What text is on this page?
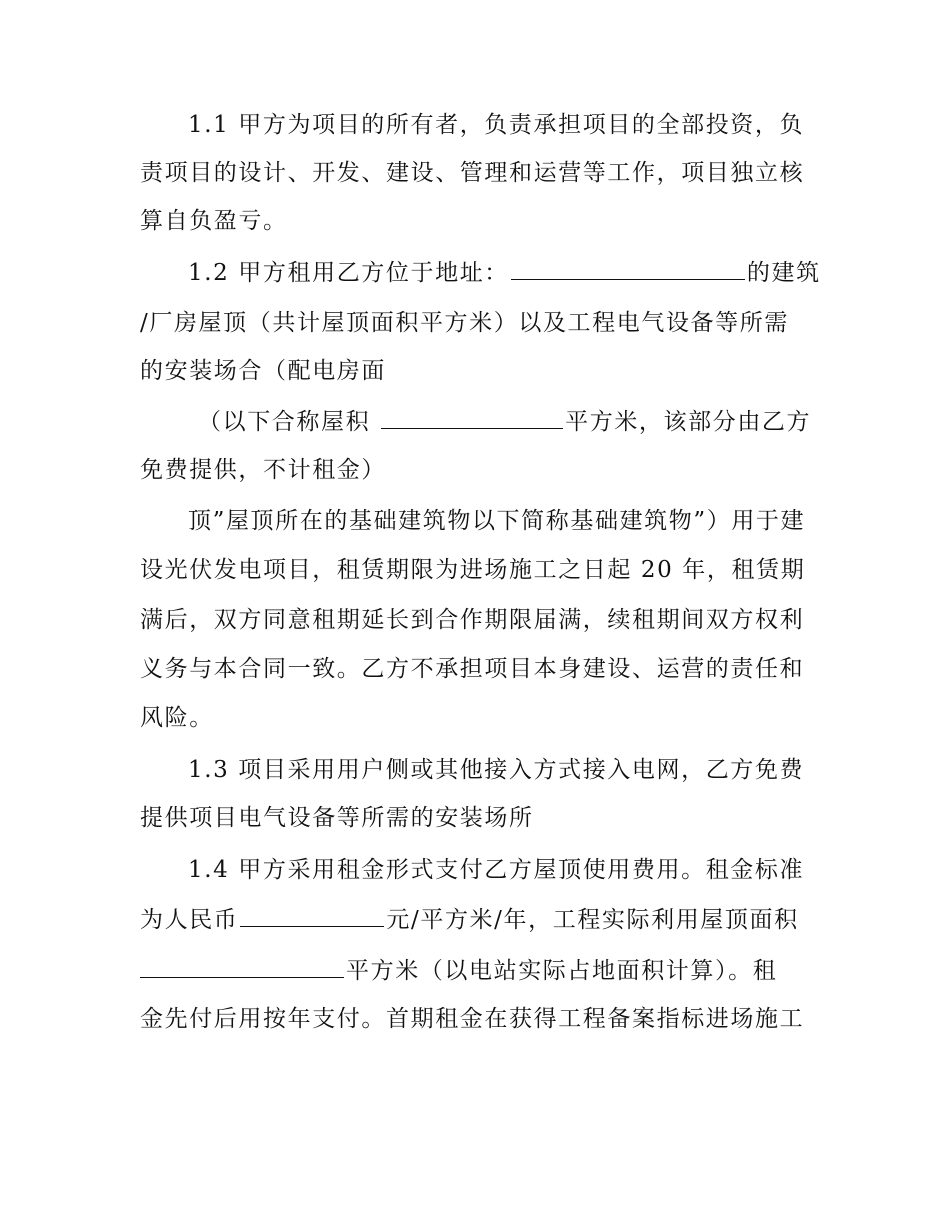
1.1 甲方为项目的所有者，负责承担项目的全部投资，负
责项目的设计、开发、建设、管理和运营等工作，项目独立核
算自负盈亏。
1.2 甲方租用乙方位于地址：	的建筑
/厂房屋顶（共计屋顶面积平方米）以及工程电气设备等所需
的安装场合（配电房面
（以下合称屋积	平方米，该部分由乙方
免费提供，不计租金）
顶”屋顶所在的基础建筑物以下简称基础建筑物”）用于建
设光伏发电项目，租赁期限为进场施工之日起 20 年，租赁期
满后，双方同意租期延长到合作期限届满，续租期间双方权利
义务与本合同一致。乙方不承担项目本身建设、运营的责任和
风险。
1.3 项目采用用户侧或其他接入方式接入电网，乙方免费
提供项目电气设备等所需的安装场所
1.4 甲方采用租金形式支付乙方屋顶使用费用。租金标准
为人民币	元/平方米/年，工程实际利用屋顶面积
平方米（以电站实际占地面积计算）。租
金先付后用按年支付。首期租金在获得工程备案指标进场施工
